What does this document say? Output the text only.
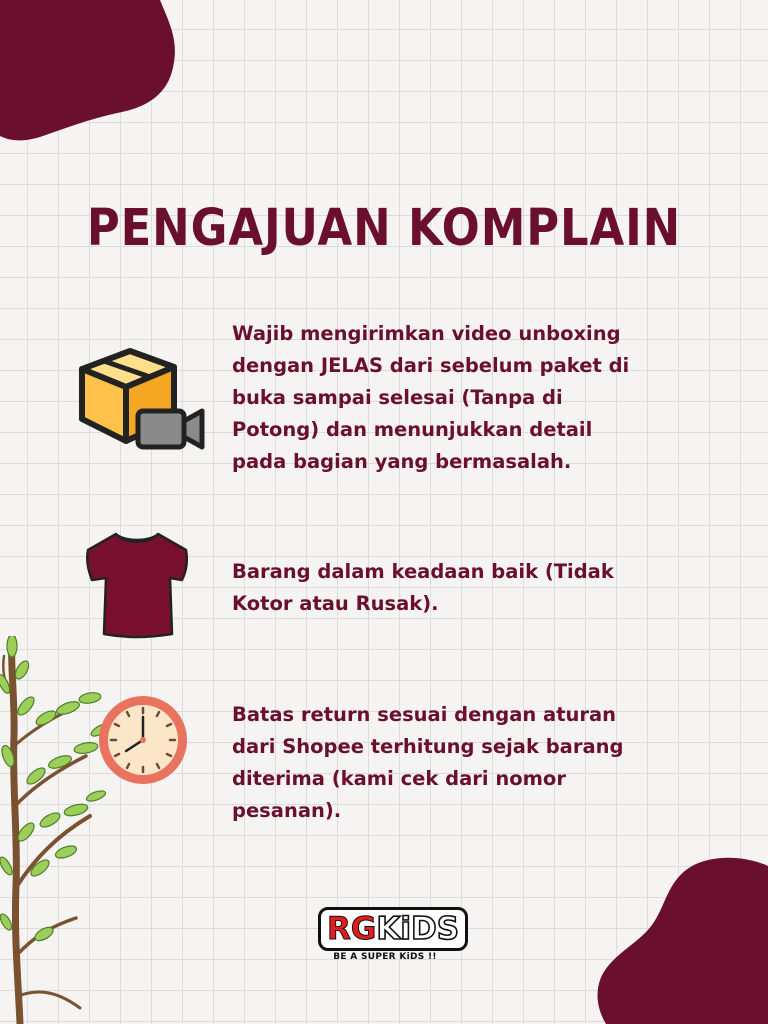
PENGAJUAN KOMPLAIN
Wajib mengirimkan video unboxing
dengan JELAS dari sebelum paket di
buka sampai selesai (Tanpa di
Potong) dan menunjukkan detail
pada bagian yang bermasalah.
Barang dalam keadaan baik (Tidak
Kotor atau Rusak).
Batas return sesuai dengan aturan
dari Shopee terhitung sejak barang
diterima (kami cek dari nomor
pesanan).
RGKiDS
BE A SUPER KiDS !!
